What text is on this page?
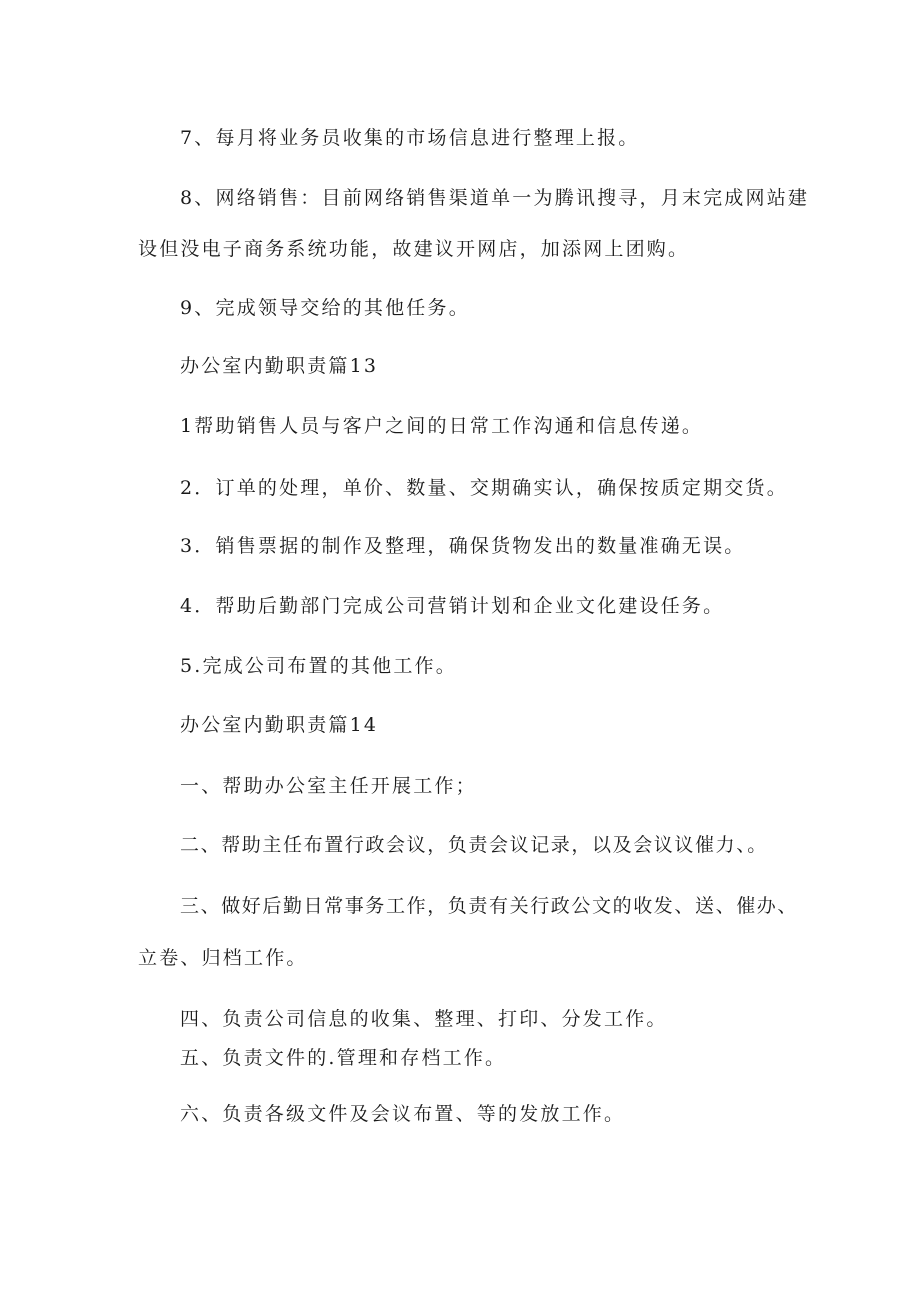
7、每月将业务员收集的市场信息进行整理上报。
8、网络销售：目前网络销售渠道单一为腾讯搜寻，月末完成网站建
设但没电子商务系统功能，故建议开网店，加添网上团购。
9、完成领导交给的其他任务。
办公室内勤职责篇13
1帮助销售人员与客户之间的日常工作沟通和信息传递。
2．订单的处理，单价、数量、交期确实认，确保按质定期交货。
3．销售票据的制作及整理，确保货物发出的数量准确无误。
4．帮助后勤部门完成公司营销计划和企业文化建设任务。
5.完成公司布置的其他工作。
办公室内勤职责篇14
一、帮助办公室主任开展工作；
二、帮助主任布置行政会议，负责会议记录，以及会议议催力、。
三、做好后勤日常事务工作，负责有关行政公文的收发、送、催办、
立卷、归档工作。
四、负责公司信息的收集、整理、打印、分发工作。
五、负责文件的.管理和存档工作。
六、负责各级文件及会议布置、等的发放工作。
